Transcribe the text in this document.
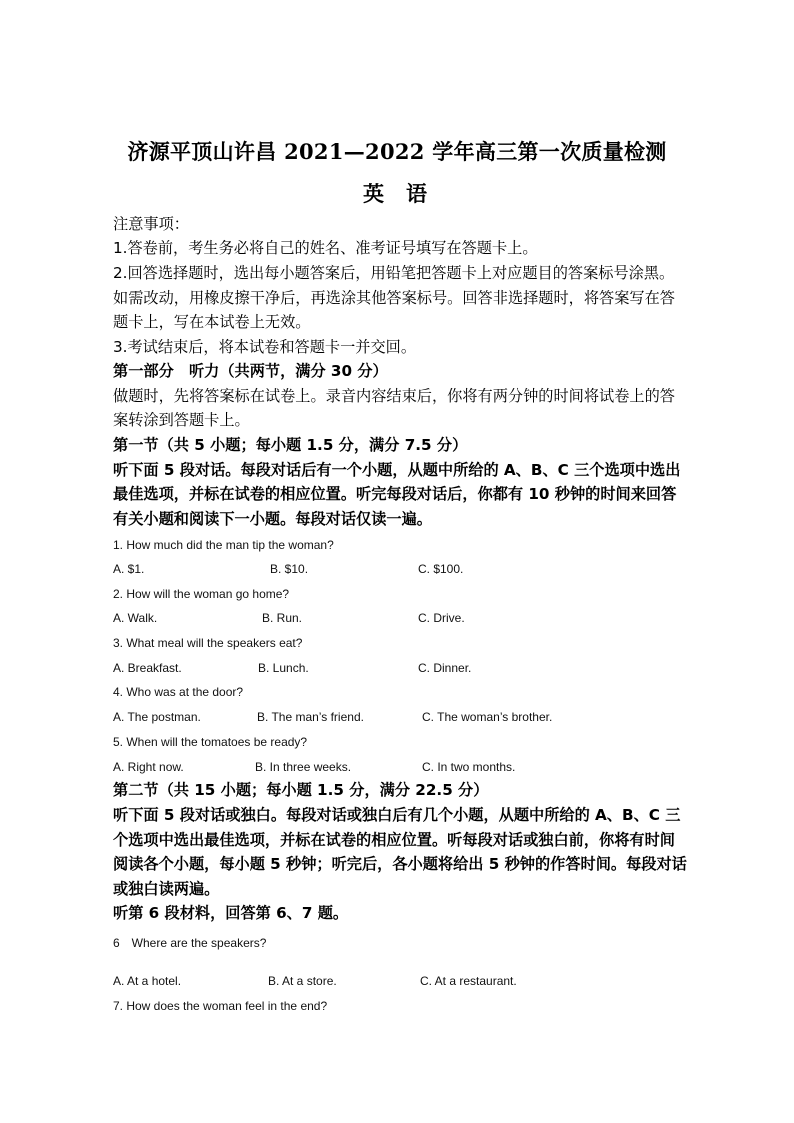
济源平顶山许昌 2021—2022 学年高三第一次质量检测
英语
注意事项：
1.答卷前，考生务必将自己的姓名、准考证号填写在答题卡上。
2.回答选择题时，选出每小题答案后，用铅笔把答题卡上对应题目的答案标号涂黑。
如需改动，用橡皮擦干净后，再选涂其他答案标号。回答非选择题时，将答案写在答
题卡上，写在本试卷上无效。
3.考试结束后，将本试卷和答题卡一并交回。
第一部分　听力（共两节，满分 30 分）
做题时，先将答案标在试卷上。录音内容结束后，你将有两分钟的时间将试卷上的答
案转涂到答题卡上。
第一节（共 5 小题；每小题 1.5 分，满分 7.5 分）
听下面 5 段对话。每段对话后有一个小题，从题中所给的 A、B、C 三个选项中选出
最佳选项，并标在试卷的相应位置。听完每段对话后，你都有 10 秒钟的时间来回答
有关小题和阅读下一小题。每段对话仅读一遍。
1. How much did the man tip the woman?
A. $1.	B. $10.	C. $100.
2. How will the woman go home?
A. Walk.	B. Run.	C. Drive.
3. What meal will the speakers eat?
A. Breakfast.	B. Lunch.	C. Dinner.
4. Who was at the door?
A. The postman.	B. The man’s friend.	C. The woman’s brother.
5. When will the tomatoes be ready?
A. Right now.	B. In three weeks.	C. In two months.
第二节（共 15 小题；每小题 1.5 分，满分 22.5 分）
听下面 5 段对话或独白。每段对话或独白后有几个小题，从题中所给的 A、B、C 三
个选项中选出最佳选项，并标在试卷的相应位置。听每段对话或独白前，你将有时间
阅读各个小题，每小题 5 秒钟；听完后，各小题将给出 5 秒钟的作答时间。每段对话
或独白读两遍。
听第 6 段材料，回答第 6、7 题。
6　Where are the speakers?
A. At a hotel.	B. At a store.	C. At a restaurant.
7. How does the woman feel in the end?
